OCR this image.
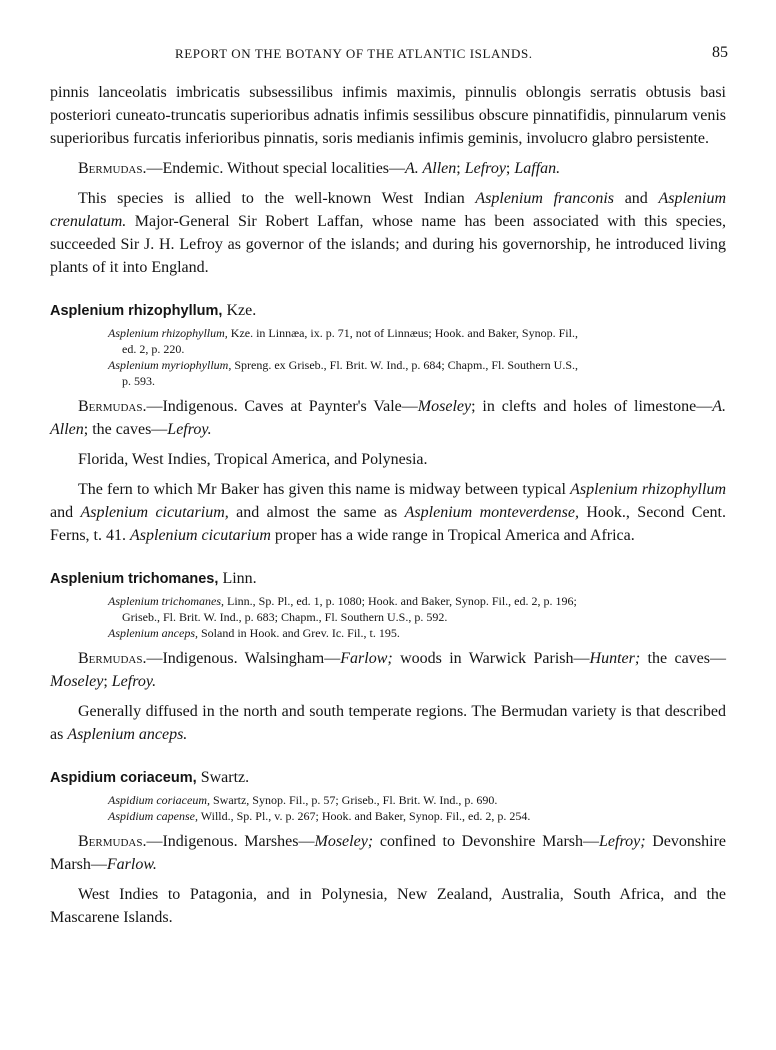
REPORT ON THE BOTANY OF THE ATLANTIC ISLANDS.	85

pinnis lanceolatis imbricatis subsessilibus infimis maximis, pinnulis oblongis serratis obtusis basi posteriori cuneato-truncatis superioribus adnatis infimis sessilibus obscure pinnatifidis, pinnularum venis superioribus furcatis inferioribus pinnatis, soris medianis infimis geminis, involucro glabro persistente.

Bermudas.—Endemic. Without special localities—A. Allen; Lefroy; Laffan.

This species is allied to the well-known West Indian Asplenium franconis and Asplenium crenulatum. Major-General Sir Robert Laffan, whose name has been associated with this species, succeeded Sir J. H. Lefroy as governor of the islands; and during his governorship, he introduced living plants of it into England.

Asplenium rhizophyllum, Kze.
Asplenium rhizophyllum, Kze. in Linnæa, ix. p. 71, not of Linnæus; Hook. and Baker, Synop. Fil.,
ed. 2, p. 220.
Asplenium myriophyllum, Spreng. ex Griseb., Fl. Brit. W. Ind., p. 684; Chapm., Fl. Southern U.S.,
p. 593.

Bermudas.—Indigenous. Caves at Paynter's Vale—Moseley; in clefts and holes of limestone—A. Allen; the caves—Lefroy.

Florida, West Indies, Tropical America, and Polynesia.

The fern to which Mr Baker has given this name is midway between typical Asplenium rhizophyllum and Asplenium cicutarium, and almost the same as Asplenium monteverdense, Hook., Second Cent. Ferns, t. 41. Asplenium cicutarium proper has a wide range in Tropical America and Africa.

Asplenium trichomanes, Linn.
Asplenium trichomanes, Linn., Sp. Pl., ed. 1, p. 1080; Hook. and Baker, Synop. Fil., ed. 2, p. 196;
Griseb., Fl. Brit. W. Ind., p. 683; Chapm., Fl. Southern U.S., p. 592.
Asplenium anceps, Soland in Hook. and Grev. Ic. Fil., t. 195.

Bermudas.—Indigenous. Walsingham—Farlow; woods in Warwick Parish—Hunter; the caves—Moseley; Lefroy.

Generally diffused in the north and south temperate regions. The Bermudan variety is that described as Asplenium anceps.

Aspidium coriaceum, Swartz.
Aspidium coriaceum, Swartz, Synop. Fil., p. 57; Griseb., Fl. Brit. W. Ind., p. 690.
Aspidium capense, Willd., Sp. Pl., v. p. 267; Hook. and Baker, Synop. Fil., ed. 2, p. 254.

Bermudas.—Indigenous. Marshes—Moseley; confined to Devonshire Marsh—Lefroy; Devonshire Marsh—Farlow.

West Indies to Patagonia, and in Polynesia, New Zealand, Australia, South Africa, and the Mascarene Islands.
